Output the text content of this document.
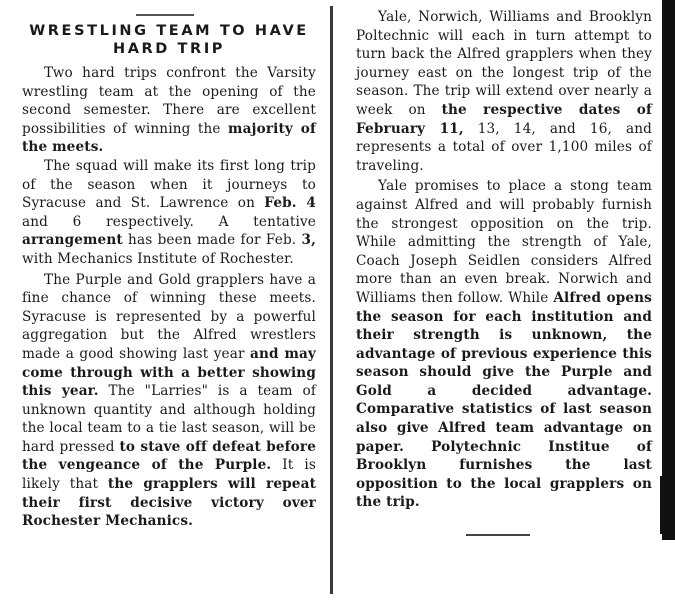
WRESTLING TEAM TO HAVE
HARD TRIP

Two hard trips confront the Varsity wrestling team at the opening of the second semester. There are excellent possibilities of winning the majority of the meets.

The squad will make its first long trip of the season when it journeys to Syracuse and St. Lawrence on Feb. 4 and 6 respectively. A tentative arrangement has been made for Feb. 3, with Mechanics Institute of Rochester.

The Purple and Gold grapplers have a fine chance of winning these meets. Syracuse is represented by a powerful aggregation but the Alfred wrestlers made a good showing last year and may come through with a better showing this year. The "Larries" is a team of unknown quantity and although holding the local team to a tie last season, will be hard pressed to stave off defeat before the vengeance of the Purple. It is likely that the grapplers will repeat their first decisive victory over Rochester Mechanics.

Yale, Norwich, Williams and Brooklyn Poltechnic will each in turn attempt to turn back the Alfred grapplers when they journey east on the longest trip of the season. The trip will extend over nearly a week on the respective dates of February 11, 13, 14, and 16, and represents a total of over 1,100 miles of traveling.

Yale promises to place a stong team against Alfred and will probably furnish the strongest opposition on the trip. While admitting the strength of Yale, Coach Joseph Seidlen considers Alfred more than an even break. Norwich and Williams then follow. While Alfred opens the season for each institution and their strength is unknown, the advantage of previous experience this season should give the Purple and Gold a decided advantage. Comparative statistics of last season also give Alfred team advantage on paper. Polytechnic Institue of Brooklyn furnishes the last opposition to the local grapplers on the trip.
